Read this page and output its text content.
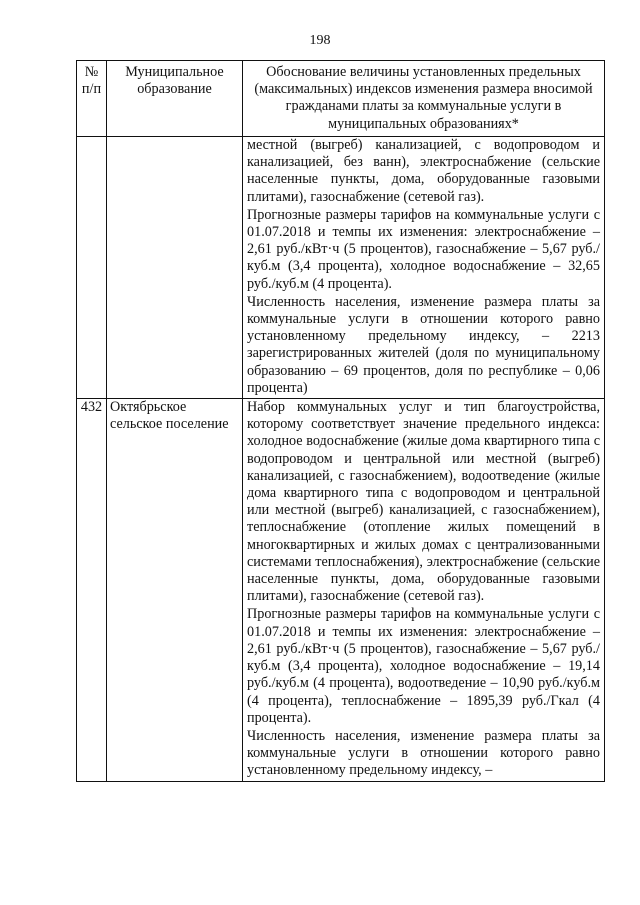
198
№ п/п	Муниципальное образование	Обоснование величины установленных предельных (максимальных) индексов изменения размера вносимой гражданами платы за коммунальные услуги в муниципальных образованиях*

		местной (выгреб) канализацией, с водопроводом и канализацией, без ванн), электроснабжение (сельские населенные пункты, дома, оборудованные газовыми плитами), газоснабжение (сетевой газ).

Прогнозные размеры тарифов на коммунальные услуги с 01.07.2018 и темпы их изменения: электроснабжение – 2,61 руб./кВт·ч (5 процентов), газоснабжение – 5,67 руб./куб.м (3,4 процента), холодное водоснабжение – 32,65 руб./куб.м (4 процента).

Численность населения, изменение размера платы за коммунальные услуги в отношении которого равно установленному предельному индексу, – 2213 зарегистрированных жителей (доля по муниципальному образованию – 69 процентов, доля по республике – 0,06 процента)

432	Октябрьское сельское поселение	Набор коммунальных услуг и тип благоустройства, которому соответствует значение предельного индекса: холодное водоснабжение (жилые дома квартирного типа с водопроводом и центральной или местной (выгреб) канализацией, с газоснабжением), водоотведение (жилые дома квартирного типа с водопроводом и центральной или местной (выгреб) канализацией, с газоснабжением), теплоснабжение (отопление жилых помещений в многоквартирных и жилых домах с централизованными системами теплоснабжения), электроснабжение (сельские населенные пункты, дома, оборудованные газовыми плитами), газоснабжение (сетевой газ).

Прогнозные размеры тарифов на коммунальные услуги с 01.07.2018 и темпы их изменения: электроснабжение – 2,61 руб./кВт·ч (5 процентов), газоснабжение – 5,67 руб./куб.м (3,4 процента), холодное водоснабжение – 19,14 руб./куб.м (4 процента), водоотведение – 10,90 руб./куб.м (4 процента), теплоснабжение – 1895,39 руб./Гкал (4 процента).

Численность населения, изменение размера платы за коммунальные услуги в отношении которого равно установленному предельному индексу, –
